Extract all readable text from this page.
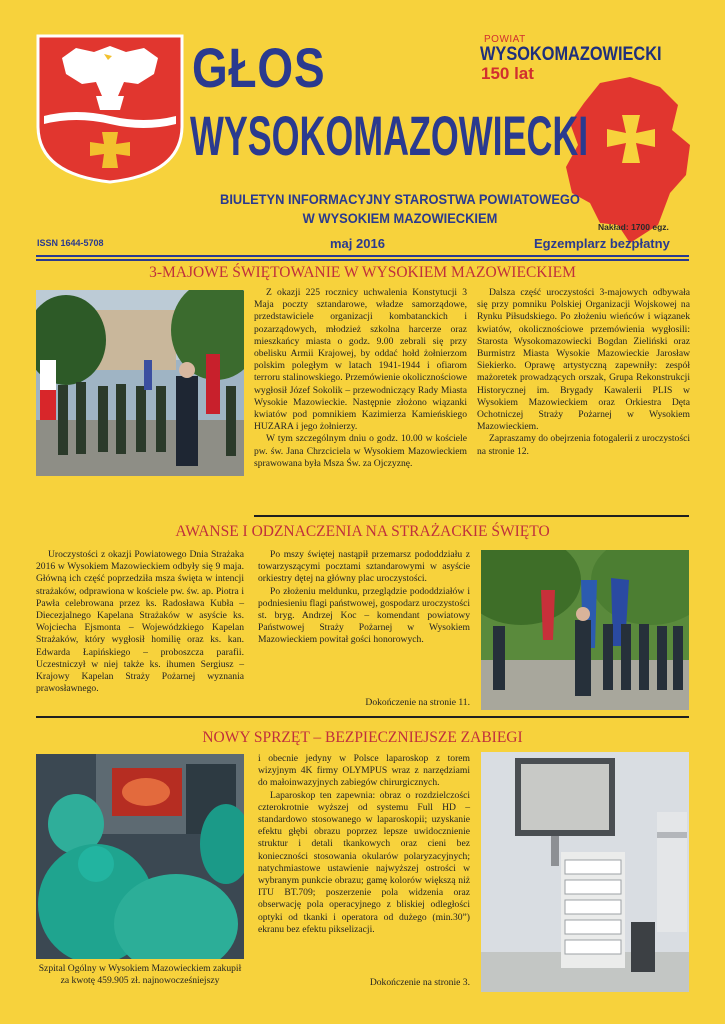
GŁOS
WYSOKOMAZOWIECKI
POWIAT
WYSOKOMAZOWIECKI
150 lat
BIULETYN INFORMACYJNY STAROSTWA POWIATOWEGO
W WYSOKIEM MAZOWIECKIEM
Nakład: 1700 egz.
ISSN 1644-5708	maj 2016	Egzemplarz bezpłatny
3-MAJOWE ŚWIĘTOWANIE W WYSOKIEM MAZOWIECKIEM

Z okazji 225 rocznicy uchwalenia Konstytucji 3 Maja poczty sztandarowe, władze samorządowe, przedstawiciele organizacji kombatanckich i pozarządowych, młodzież szkolna harcerze oraz mieszkańcy miasta o godz. 9.00 zebrali się przy obelisku Armii Krajowej, by oddać hołd żołnierzom polskim poległym w latach 1941-1944 i ofiarom terroru stalinowskiego. Przemówienie okolicznościowe wygłosił Józef Sokolik – przewodniczący Rady Miasta Wysokie Mazowieckie. Następnie złożono wiązanki kwiatów pod pomnikiem Kazimierza Kamieńskiego HUZARA i jego żołnierzy.

W tym szczególnym dniu o godz. 10.00 w kościele pw. św. Jana Chrzciciela w Wysokiem Mazowieckiem sprawowana była Msza Św. za Ojczyznę.

Dalsza część uroczystości 3-majowych odbywała się przy pomniku Polskiej Organizacji Wojskowej na Rynku Piłsudskiego. Po złożeniu wieńców i wiązanek kwiatów, okolicznościowe przemówienia wygłosili: Starosta Wysokomazowiecki Bogdan Zieliński oraz Burmistrz Miasta Wysokie Mazowieckie Jarosław Siekierko. Oprawę artystyczną zapewniły: zespół mażoretek prowadzących orszak, Grupa Rekonstrukcji Historycznej im. Brygady Kawalerii PLIS w Wysokiem Mazowieckiem oraz Orkiestra Dęta Ochotniczej Straży Pożarnej w Wysokiem Mazowieckiem.

Zapraszamy do obejrzenia fotogalerii z uroczystości na stronie 12.

AWANSE I ODZNACZENIA NA STRAŻACKIE ŚWIĘTO

Uroczystości z okazji Powiatowego Dnia Strażaka 2016 w Wysokiem Mazowieckiem odbyły się 9 maja. Główną ich część poprzedziła msza święta w intencji strażaków, odprawiona w kościele pw. św. ap. Piotra i Pawła celebrowana przez ks. Radosława Kubła – Diecezjalnego Kapelana Strażaków w asyście ks. Wojciecha Ejsmonta – Wojewódzkiego Kapelan Strażaków, który wygłosił homilię oraz ks. kan. Edwarda Łapińskiego – proboszcza parafii. Uczestniczył w niej także ks. ihumen Sergiusz – Krajowy Kapelan Straży Pożarnej wyznania prawosławnego.

Po mszy świętej nastąpił przemarsz pododdziału z towarzyszącymi pocztami sztandarowymi w asyście orkiestry dętej na główny plac uroczystości.

Po złożeniu meldunku, przeglądzie pododdziałów i podniesieniu flagi państwowej, gospodarz uroczystości st. bryg. Andrzej Koc – komendant powiatowy Państwowej Straży Pożarnej w Wysokiem Mazowieckiem powitał gości honorowych.

Dokończenie na stronie 11.
NOWY SPRZĘT – BEZPIECZNIEJSZE ZABIEGI
Szpital Ogólny w Wysokiem Mazowieckiem zakupił za kwotę 459.905 zł. najnowocześniejszy

i obecnie jedyny w Polsce laparoskop z torem wizyjnym 4K firmy OLYMPUS wraz z narzędziami do małoinwazyjnych zabiegów chirurgicznych.

Laparoskop ten zapewnia: obraz o rozdzielczości czterokrotnie wyższej od systemu Full HD – standardowo stosowanego w laparoskopii; uzyskanie efektu głębi obrazu poprzez lepsze uwidocznienie struktur i detali tkankowych oraz cieni bez konieczności stosowania okularów polaryzacyjnych; natychmiastowe ustawienie najwyższej ostrości w wybranym punkcie obrazu; gamę kolorów większą niż ITU BT.709; poszerzenie pola widzenia oraz obserwację pola operacyjnego z bliskiej odległości optyki od tkanki i operatora od dużego (min.30”) ekranu bez efektu pikselizacji.

Dokończenie na stronie 3.
